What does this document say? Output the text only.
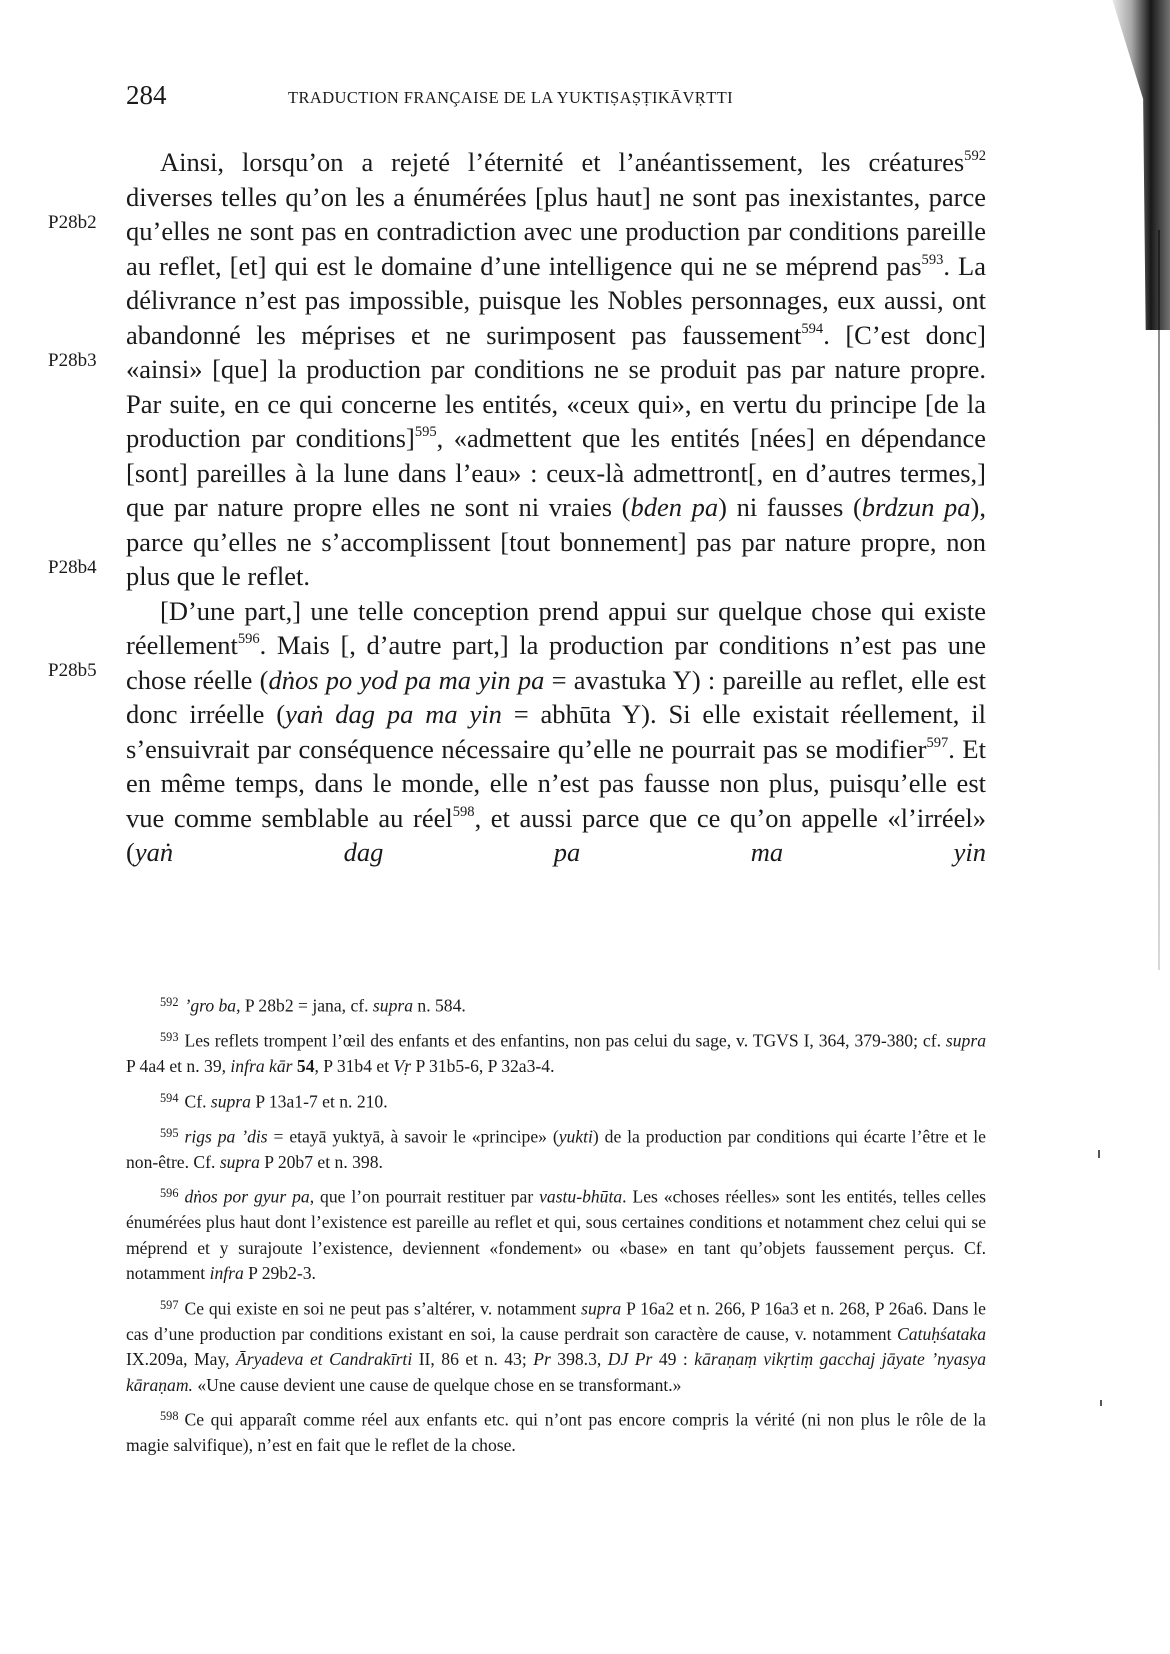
284	TRADUCTION FRANÇAISE DE LA YUKTIṢAṢṬIKĀVṚTTI
P28b2
P28b3
P28b4
P28b5

Ainsi, lorsqu’on a rejeté l’éternité et l’anéantissement, les créatures$^{592}$ diverses telles qu’on les a énumérées [plus haut] ne sont pas inexistantes, parce qu’elles ne sont pas en contradiction avec une production par conditions pareille au reflet, [et] qui est le domaine d’une intelligence qui ne se méprend pas$^{593}$. La délivrance n’est pas impossible, puisque les Nobles personnages, eux aussi, ont abandonné les méprises et ne surimposent pas faussement$^{594}$. [C’est donc] «ainsi» [que] la production par conditions ne se produit pas par nature propre. Par suite, en ce qui concerne les entités, «ceux qui», en vertu du principe [de la production par conditions]$^{595}$, «admettent que les entités [nées] en dépendance [sont] pareilles à la lune dans l’eau» : ceux-là admettront[, en d’autres termes,] que par nature propre elles ne sont ni vraies (bden pa) ni fausses (brdzun pa), parce qu’elles ne s’accomplissent [tout bonnement] pas par nature propre, non plus que le reflet.

[D’une part,] une telle conception prend appui sur quelque chose qui existe réellement$^{596}$. Mais [, d’autre part,] la production par conditions n’est pas une chose réelle (dṅos po yod pa ma yin pa = avastuka Y) : pareille au reflet, elle est donc irréelle (yaṅ dag pa ma yin = abhūta Y). Si elle existait réellement, il s’ensuivrait par conséquence nécessaire qu’elle ne pourrait pas se modifier$^{597}$. Et en même temps, dans le monde, elle n’est pas fausse non plus, puisqu’elle est vue comme semblable au réel$^{598}$, et aussi parce que ce qu’on appelle «l’irréel» (yaṅ dag pa ma yin

$^{592}$ ’gro ba, P 28b2 = jana, cf. supra n. 584.

$^{593}$ Les reflets trompent l’œil des enfants et des enfantins, non pas celui du sage, v. TGVS I, 364, 379-380; cf. supra P 4a4 et n. 39, infra kār 54, P 31b4 et Vṛ P 31b5-6, P 32a3-4.

$^{594}$ Cf. supra P 13a1-7 et n. 210.

$^{595}$ rigs pa ’dis = etayā yuktyā, à savoir le «principe» (yukti) de la production par conditions qui écarte l’être et le non-être. Cf. supra P 20b7 et n. 398.

$^{596}$ dṅos por gyur pa, que l’on pourrait restituer par vastu-bhūta. Les «choses réelles» sont les entités, telles celles énumérées plus haut dont l’existence est pareille au reflet et qui, sous certaines conditions et notamment chez celui qui se méprend et y surajoute l’existence, deviennent «fondement» ou «base» en tant qu’objets faussement perçus. Cf. notamment infra P 29b2-3.

$^{597}$ Ce qui existe en soi ne peut pas s’altérer, v. notamment supra P 16a2 et n. 266, P 16a3 et n. 268, P 26a6. Dans le cas d’une production par conditions existant en soi, la cause perdrait son caractère de cause, v. notamment Catuḥśataka IX.209a, May, Āryadeva et Candrakīrti II, 86 et n. 43; Pr 398.3, DJ Pr 49 : kāraṇaṃ vikṛtiṃ gacchaj jāyate ’nyasya kāraṇam. «Une cause devient une cause de quelque chose en se transformant.»

$^{598}$ Ce qui apparaît comme réel aux enfants etc. qui n’ont pas encore compris la vérité (ni non plus le rôle de la magie salvifique), n’est en fait que le reflet de la chose.
